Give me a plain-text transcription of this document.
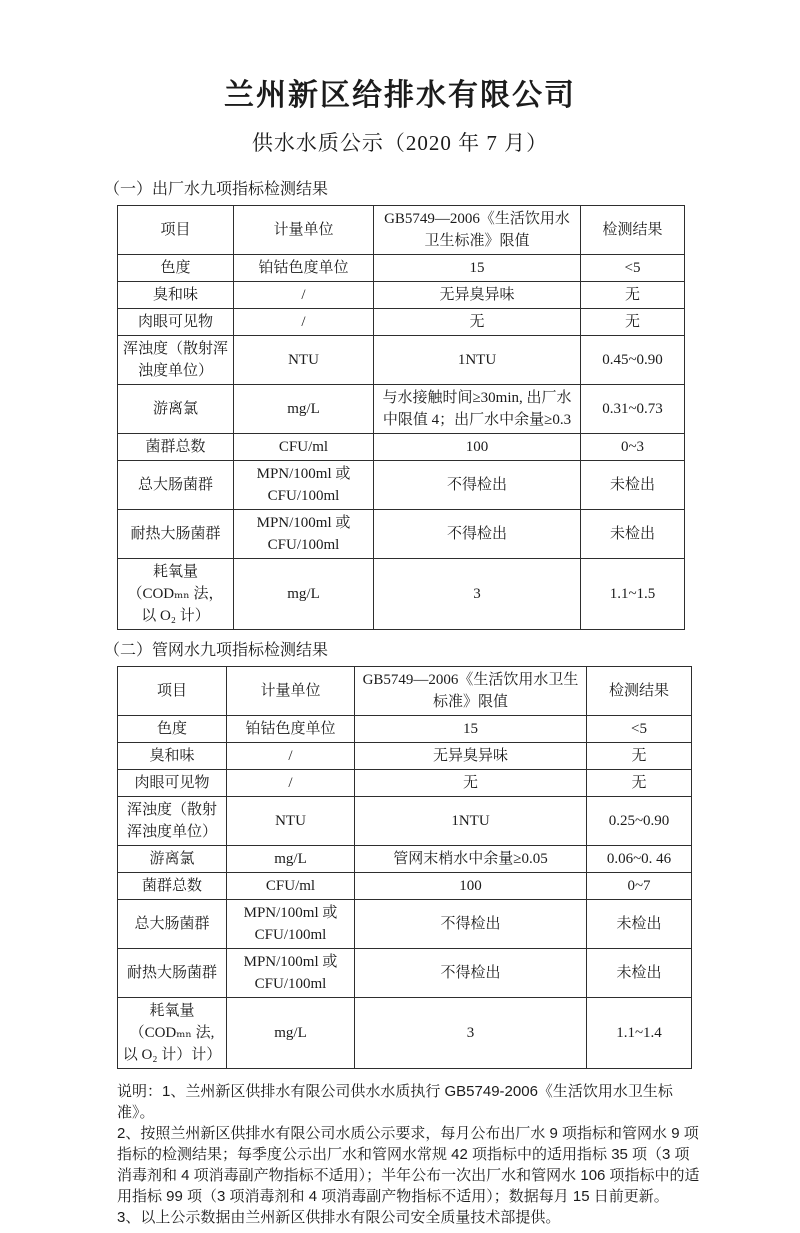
兰州新区给排水有限公司
供水水质公示（2020 年 7 月）
（一）出厂水九项指标检测结果
项目	计量单位	GB5749—2006《生活饮用水卫生标准》限值	检测结果
色度	铂钴色度单位	15	<5
臭和味	/	无异臭异味	无
肉眼可见物	/	无	无
浑浊度（散射浑浊度单位）	NTU	1NTU	0.45~0.90
游离氯	mg/L	与水接触时间≥30min, 出厂水中限值 4；出厂水中余量≥0.3	0.31~0.73
菌群总数	CFU/ml	100	0~3
总大肠菌群	MPN/100ml 或 CFU/100ml	不得检出	未检出
耐热大肠菌群	MPN/100ml 或 CFU/100ml	不得检出	未检出
耗氧量（CODₘₙ 法，以 O₂ 计）	mg/L	3	1.1~1.5
（二）管网水九项指标检测结果
项目	计量单位	GB5749—2006《生活饮用水卫生标准》限值	检测结果
色度	铂钴色度单位	15	<5
臭和味	/	无异臭异味	无
肉眼可见物	/	无	无
浑浊度（散射浑浊度单位）	NTU	1NTU	0.25~0.90
游离氯	mg/L	管网末梢水中余量≥0.05	0.06~0. 46
菌群总数	CFU/ml	100	0~7
总大肠菌群	MPN/100ml 或 CFU/100ml	不得检出	未检出
耐热大肠菌群	MPN/100ml 或 CFU/100ml	不得检出	未检出
耗氧量（CODₘₙ 法, 以 O₂ 计）计）	mg/L	3	1.1~1.4

说明：1、兰州新区供排水有限公司供水水质执行 GB5749-2006《生活饮用水卫生标准》。

2、按照兰州新区供排水有限公司水质公示要求，每月公布出厂水 9 项指标和管网水 9 项指标的检测结果；每季度公示出厂水和管网水常规 42 项指标中的适用指标 35 项（3 项消毒剂和 4 项消毒副产物指标不适用）；半年公布一次出厂水和管网水 106 项指标中的适用指标 99 项（3 项消毒剂和 4 项消毒副产物指标不适用）；数据每月 15 日前更新。

3、以上公示数据由兰州新区供排水有限公司安全质量技术部提供。
